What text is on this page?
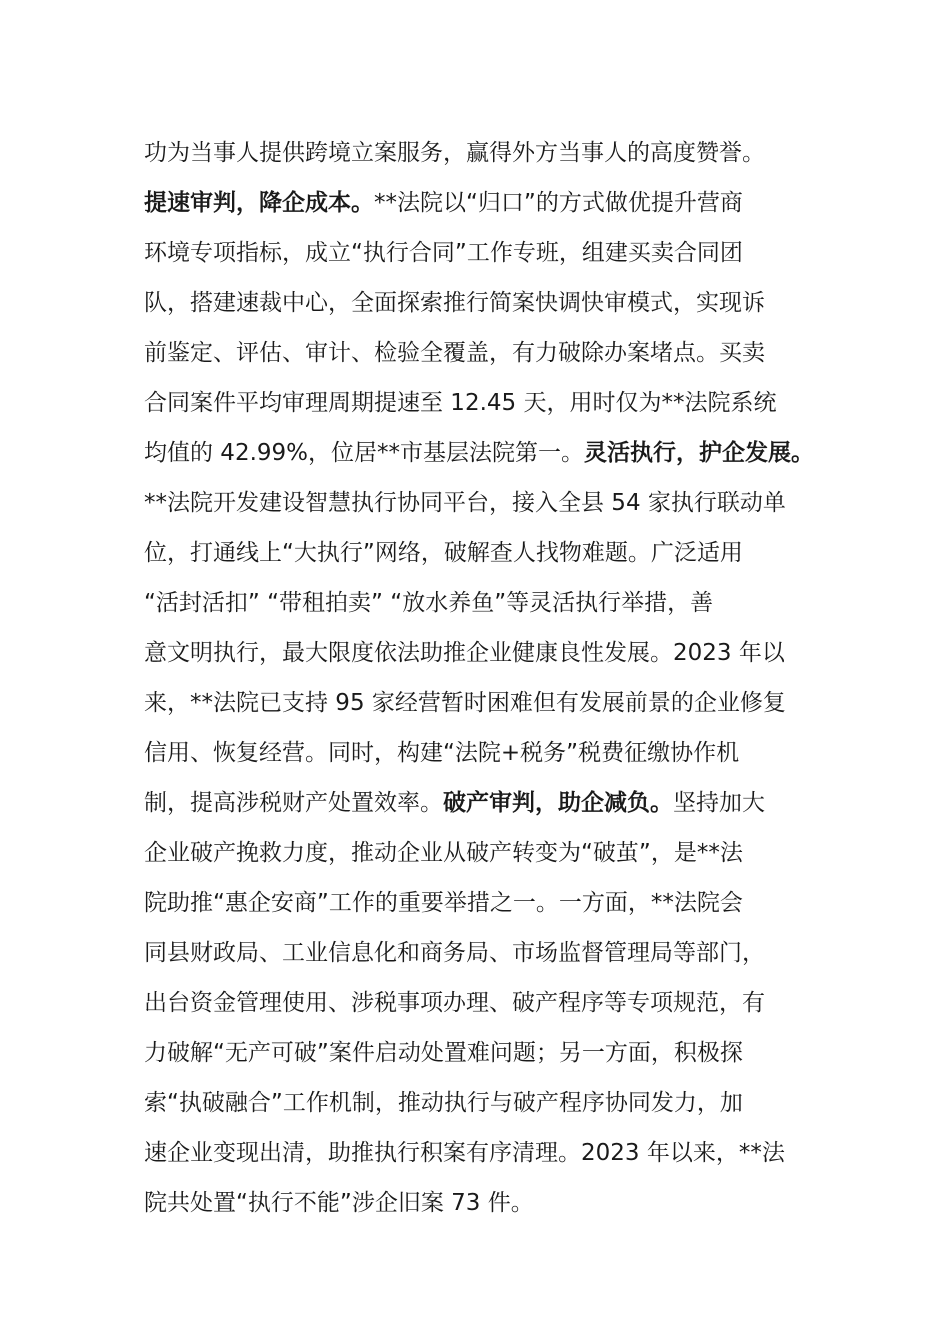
功为当事人提供跨境立案服务，赢得外方当事人的高度赞誉。
提速审判，降企成本。**法院以“归口”的方式做优提升营商
环境专项指标，成立“执行合同”工作专班，组建买卖合同团
队，搭建速裁中心，全面探索推行简案快调快审模式，实现诉
前鉴定、评估、审计、检验全覆盖，有力破除办案堵点。买卖
合同案件平均审理周期提速至 12.45 天，用时仅为**法院系统
均值的 42.99%，位居**市基层法院第一。灵活执行，护企发展。
**法院开发建设智慧执行协同平台，接入全县 54 家执行联动单
位，打通线上“大执行”网络，破解查人找物难题。广泛适用
“活封活扣” “带租拍卖” “放水养鱼”等灵活执行举措，善
意文明执行，最大限度依法助推企业健康良性发展。2023 年以
来，**法院已支持 95 家经营暂时困难但有发展前景的企业修复
信用、恢复经营。同时，构建“法院+税务”税费征缴协作机
制，提高涉税财产处置效率。破产审判，助企减负。坚持加大
企业破产挽救力度，推动企业从破产转变为“破茧”，是**法
院助推“惠企安商”工作的重要举措之一。一方面，**法院会
同县财政局、工业信息化和商务局、市场监督管理局等部门，
出台资金管理使用、涉税事项办理、破产程序等专项规范，有
力破解“无产可破”案件启动处置难问题；另一方面，积极探
索“执破融合”工作机制，推动执行与破产程序协同发力，加
速企业变现出清，助推执行积案有序清理。2023 年以来，**法
院共处置“执行不能”涉企旧案 73 件。
